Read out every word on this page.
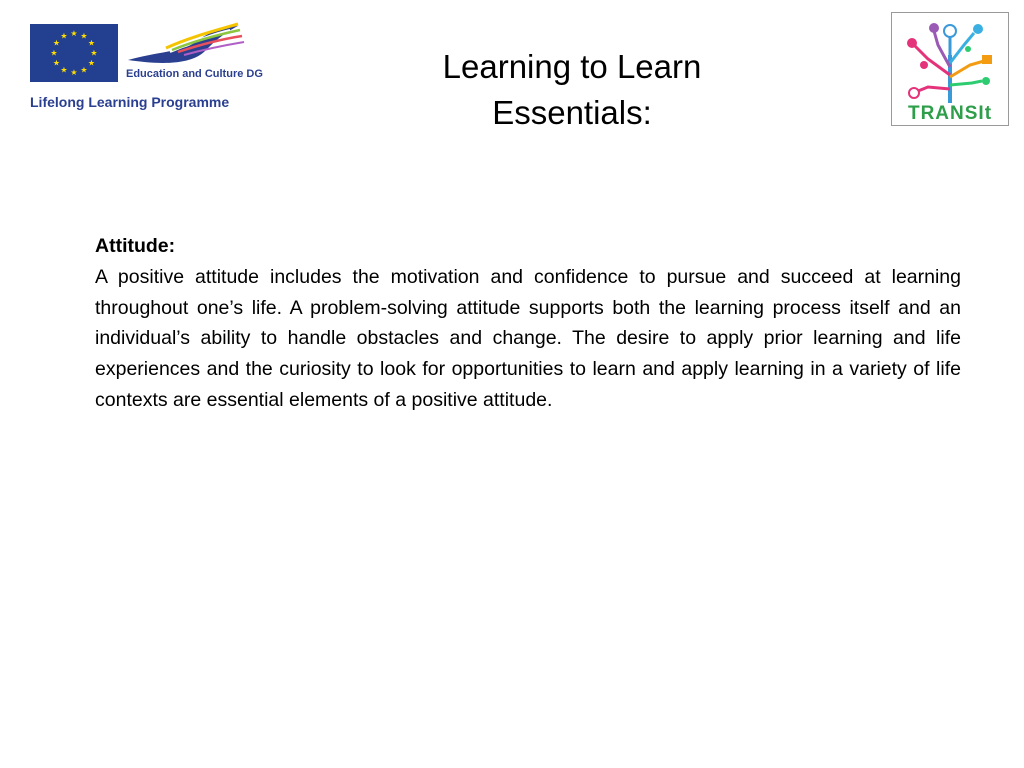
★ ★
★
★
★
★
★
★
★
★
★
★
Education and Culture DG
Lifelong Learning Programme
Learning to Learn
Essentials:	TRANSIt
Attitude:

A positive attitude includes the motivation and confidence to pursue and succeed at learning throughout one’s life. A problem-solving attitude supports both the learning process itself and an individual’s ability to handle obstacles and change. The desire to apply prior learning and life experiences and the curiosity to look for opportunities to learn and apply learning in a variety of life contexts are essential elements of a positive attitude.
